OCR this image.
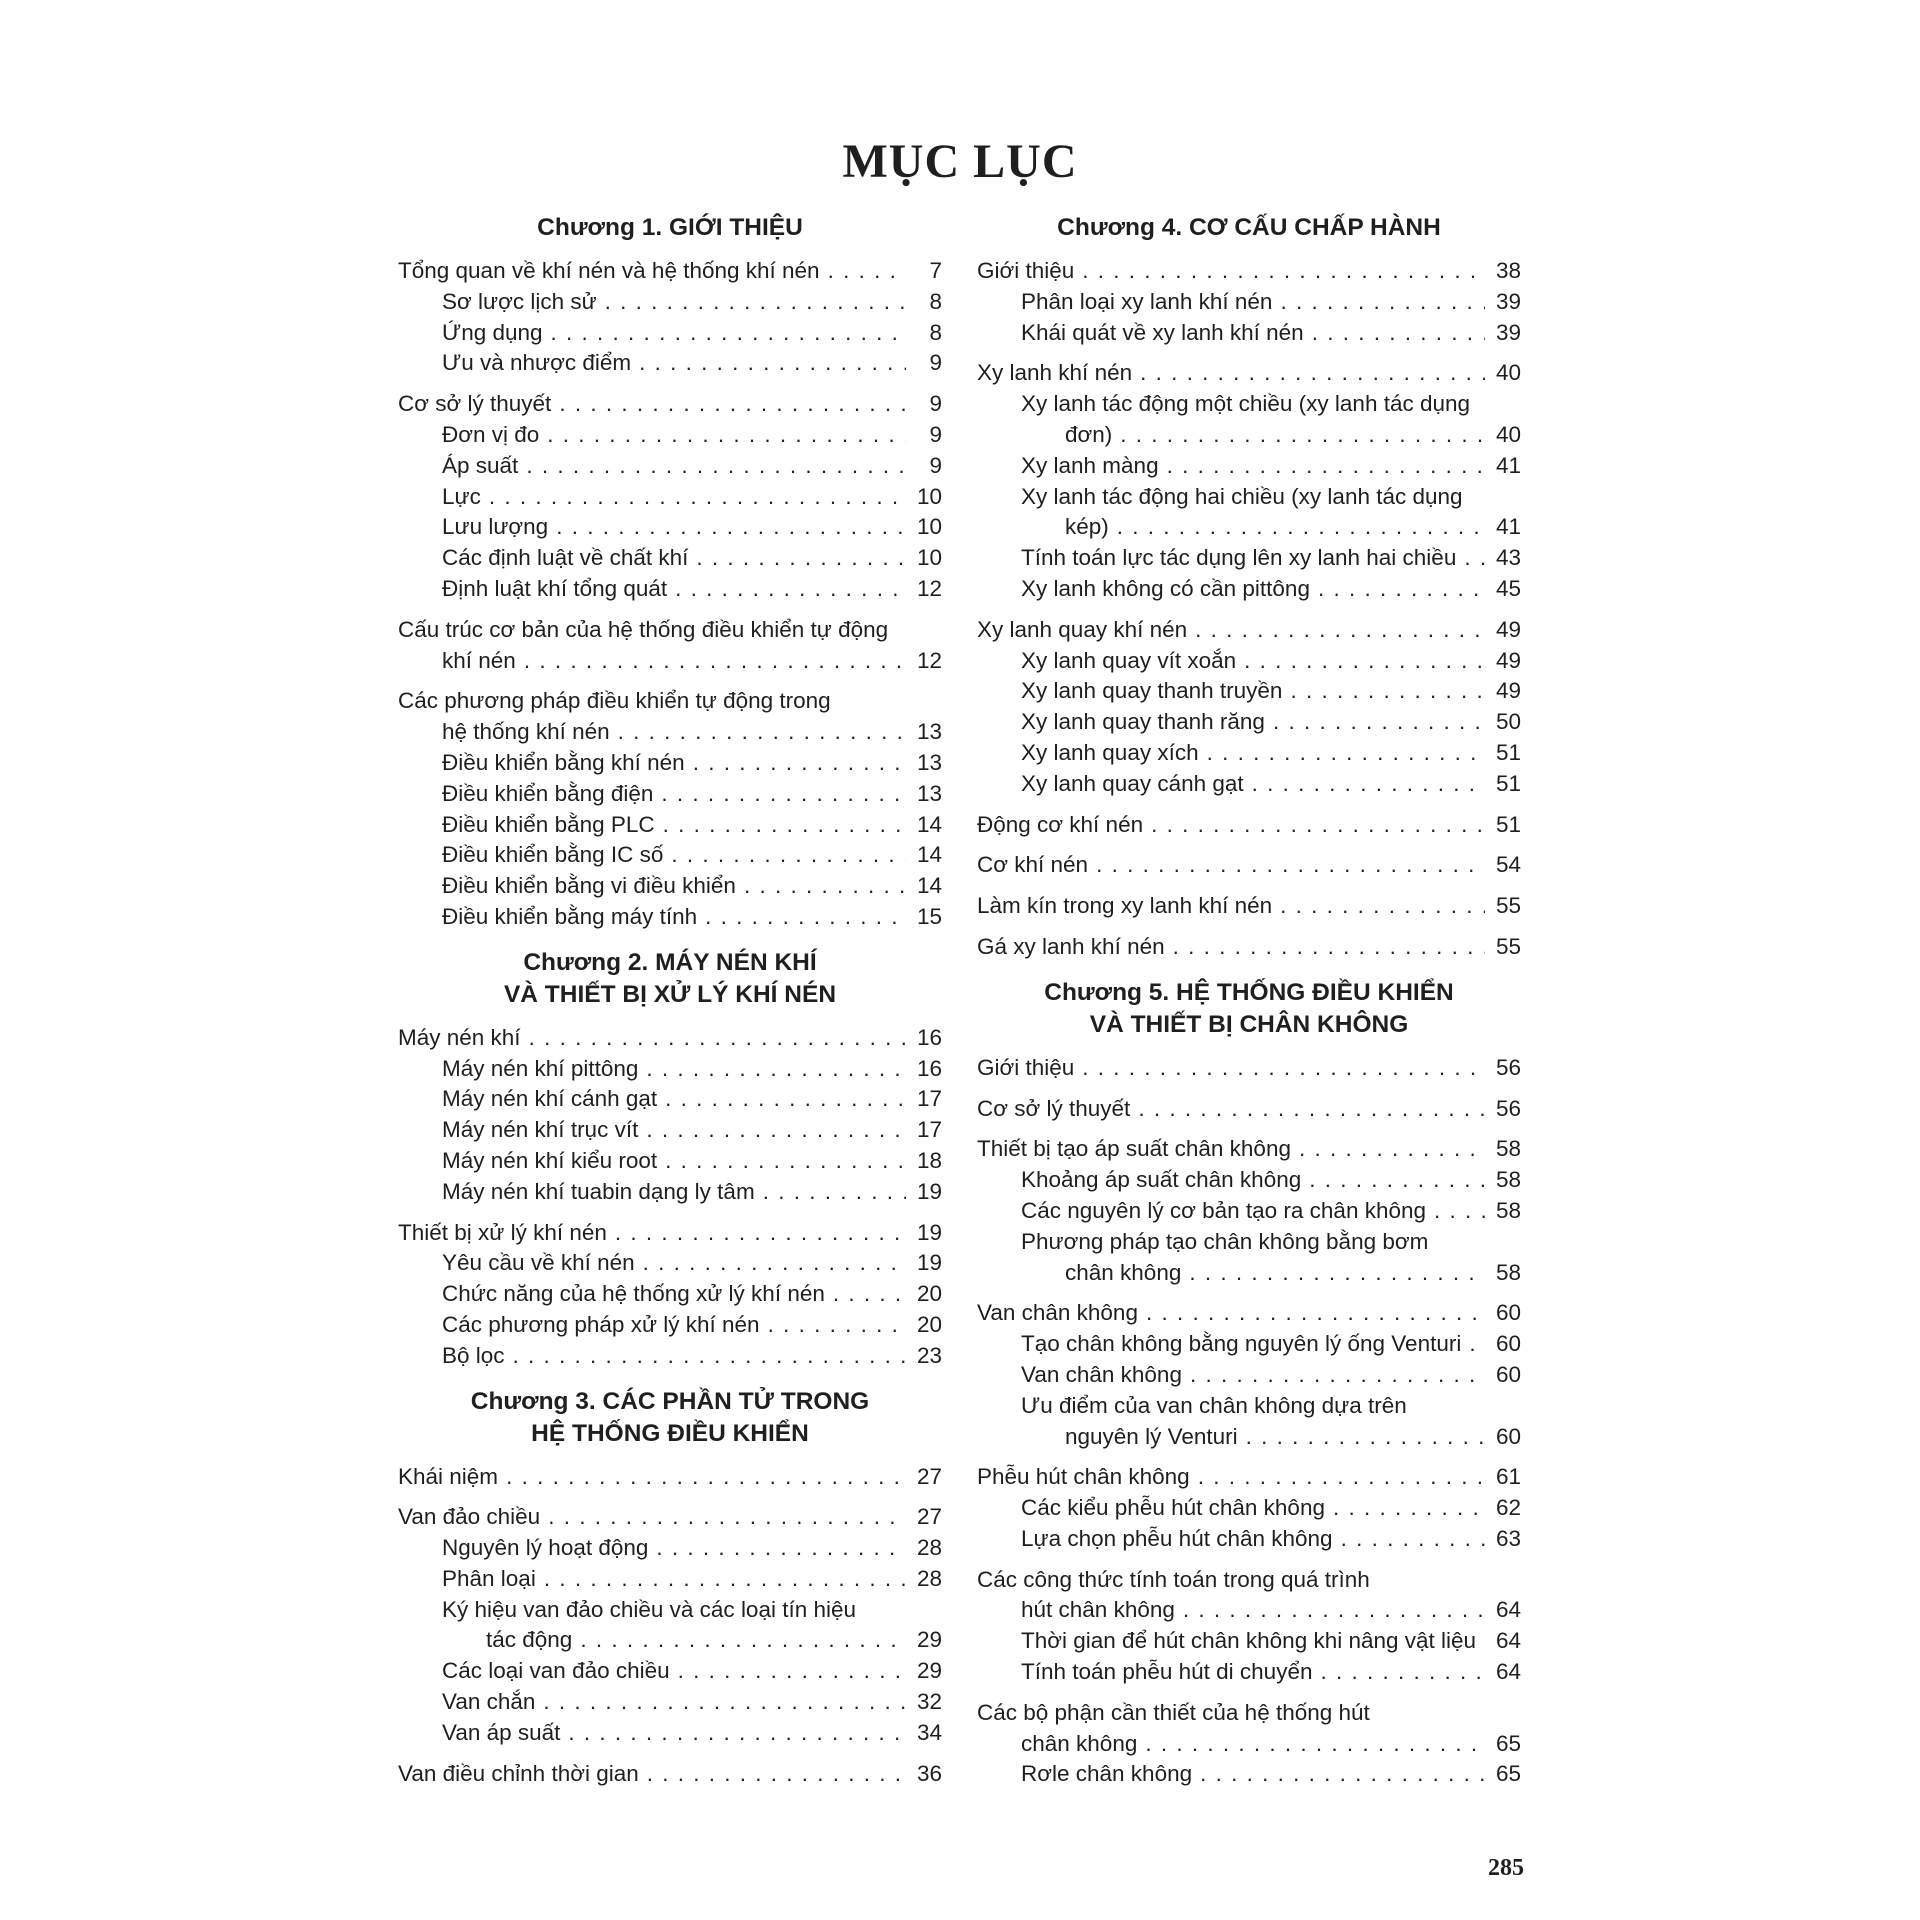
MỤC LỤC
Chương 1. GIỚI THIỆU
Tổng quan về khí nén và hệ thống khí nén . . .	7
Sơ lược lịch sử . . .	8
Ứng dụng . . .	8
Ưu và nhược điểm . . .	9
Cơ sở lý thuyết . . .	9
Đơn vị đo . . .	9
Áp suất . . .	9
Lực . . .	10
Lưu lượng . . .	10
Các định luật về chất khí . . .	10
Định luật khí tổng quát . . .	12
Cấu trúc cơ bản của hệ thống điều khiển tự động
khí nén . . .	12
Các phương pháp điều khiển tự động trong
hệ thống khí nén . . .	13
Điều khiển bằng khí nén . . .	13
Điều khiển bằng điện . . .	13
Điều khiển bằng PLC . . .	14
Điều khiển bằng IC số . . .	14
Điều khiển bằng vi điều khiển . . .	14
Điều khiển bằng máy tính . . .	15
Chương 2. MÁY NÉN KHÍ
VÀ THIẾT BỊ XỬ LÝ KHÍ NÉN
Máy nén khí . . .	16
Máy nén khí pittông . . .	16
Máy nén khí cánh gạt . . .	17
Máy nén khí trục vít . . .	17
Máy nén khí kiểu root . . .	18
Máy nén khí tuabin dạng ly tâm . . .	19
Thiết bị xử lý khí nén . . .	19
Yêu cầu về khí nén . . .	19
Chức năng của hệ thống xử lý khí nén . . .	20
Các phương pháp xử lý khí nén . . .	20
Bộ lọc . . .	23
Chương 3. CÁC PHẦN TỬ TRONG
HỆ THỐNG ĐIỀU KHIỂN
Khái niệm . . .	27
Van đảo chiều . . .	27
Nguyên lý hoạt động . . .	28
Phân loại . . .	28
Ký hiệu van đảo chiều và các loại tín hiệu
tác động . . .	29
Các loại van đảo chiều . . .	29
Van chắn . . .	32
Van áp suất . . .	34
Van điều chỉnh thời gian . . .	36
Chương 4. CƠ CẤU CHẤP HÀNH
Giới thiệu . . .	38
Phân loại xy lanh khí nén . . .	39
Khái quát về xy lanh khí nén . . .	39
Xy lanh khí nén . . .	40
Xy lanh tác động một chiều (xy lanh tác dụng
đơn) . . .	40
Xy lanh màng . . .	41
Xy lanh tác động hai chiều (xy lanh tác dụng
kép) . . .	41
Tính toán lực tác dụng lên xy lanh hai chiều . . . 43
Xy lanh không có cần pittông . . .	45
Xy lanh quay khí nén . . .	49
Xy lanh quay vít xoắn . . .	49
Xy lanh quay thanh truyền . . .	49
Xy lanh quay thanh răng . . .	50
Xy lanh quay xích . . .	51
Xy lanh quay cánh gạt . . .	51
Động cơ khí nén . . .	51
Cơ khí nén . . .	54
Làm kín trong xy lanh khí nén . . .	55
Gá xy lanh khí nén . . .	55
Chương 5. HỆ THỐNG ĐIỀU KHIỂN
VÀ THIẾT BỊ CHÂN KHÔNG
Giới thiệu . . .	56
Cơ sở lý thuyết . . .	56
Thiết bị tạo áp suất chân không . . .	58
Khoảng áp suất chân không . . .	58
Các nguyên lý cơ bản tạo ra chân không . . .	58
Phương pháp tạo chân không bằng bơm
chân không . . .	58
Van chân không . . .	60
Tạo chân không bằng nguyên lý ống Venturi . . . 60
Van chân không . . .	60
Ưu điểm của van chân không dựa trên
nguyên lý Venturi . . .	60
Phễu hút chân không . . .	61
Các kiểu phễu hút chân không . . .	62
Lựa chọn phễu hút chân không . . .	63
Các công thức tính toán trong quá trình
hút chân không . . .	64
Thời gian để hút chân không khi nâng vật liệu . . . 64
Tính toán phễu hút di chuyển . . .	64
Các bộ phận cần thiết của hệ thống hút
chân không . . .	65
Rơle chân không . . .	65
285
